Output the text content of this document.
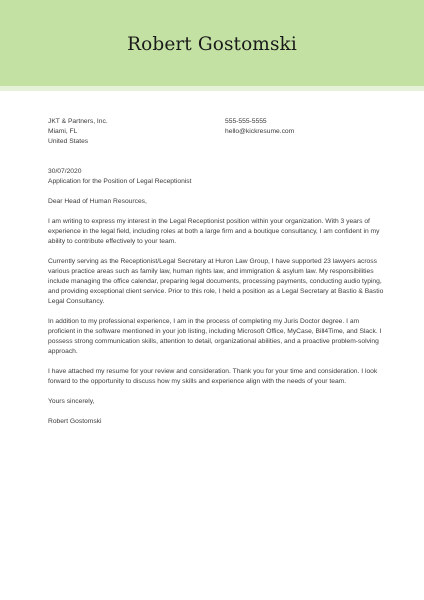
Robert Gostomski
JKT & Partners, Inc.
Miami, FL
United States
555-555-5555
hello@kickresume.com
30/07/2020
Application for the Position of Legal Receptionist
Dear Head of Human Resources,

I am writing to express my interest in the Legal Receptionist position within your organization. With 3 years of experience in the legal field, including roles at both a large firm and a boutique consultancy, I am confident in my ability to contribute effectively to your team.

Currently serving as the Receptionist/Legal Secretary at Huron Law Group, I have supported 23 lawyers across various practice areas such as family law, human rights law, and immigration & asylum law. My responsibilities include managing the office calendar, preparing legal documents, processing payments, conducting audio typing, and providing exceptional client service. Prior to this role, I held a position as a Legal Secretary at Bastio & Bastio Legal Consultancy.

In addition to my professional experience, I am in the process of completing my Juris Doctor degree. I am proficient in the software mentioned in your job listing, including Microsoft Office, MyCase, Bill4Time, and Slack. I possess strong communication skills, attention to detail, organizational abilities, and a proactive problem-solving approach.

I have attached my resume for your review and consideration. Thank you for your time and consideration. I look forward to the opportunity to discuss how my skills and experience align with the needs of your team.

Yours sincerely,
Robert Gostomski
